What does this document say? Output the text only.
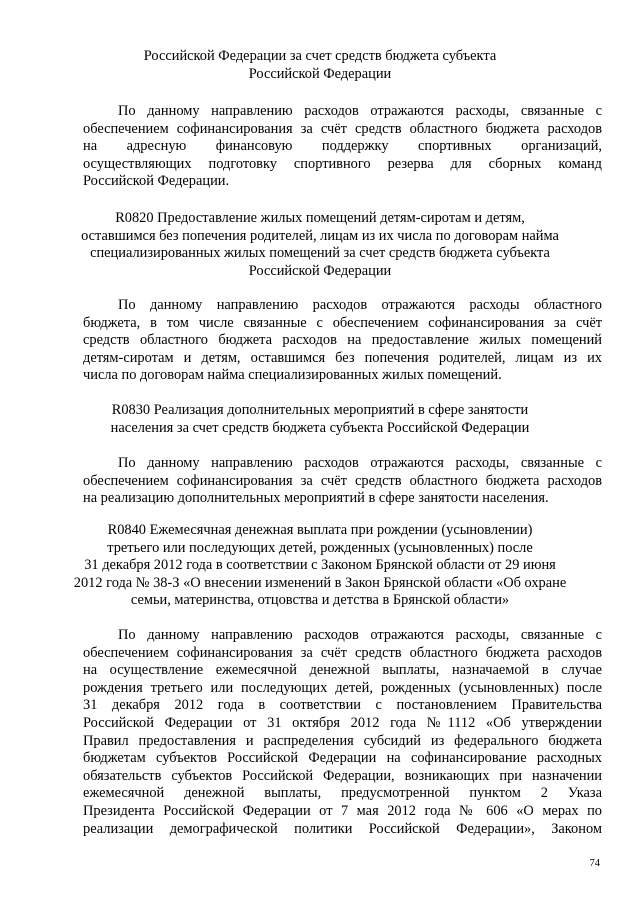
Российской Федерации за счет средств бюджета субъекта
Российской Федерации
По данному направлению расходов отражаются расходы, связанные с
обеспечением софинансирования за счёт средств областного бюджета расходов
на адресную финансовую поддержку спортивных организаций,
осуществляющих подготовку спортивного резерва для сборных команд
Российской Федерации.
R0820 Предоставление жилых помещений детям-сиротам и детям,
оставшимся без попечения родителей, лицам из их числа по договорам найма
специализированных жилых помещений за счет средств бюджета субъекта
Российской Федерации
По данному направлению расходов отражаются расходы областного
бюджета, в том числе связанные с обеспечением софинансирования за счёт
средств областного бюджета расходов на предоставление жилых помещений
детям-сиротам и детям, оставшимся без попечения родителей, лицам из их
числа по договорам найма специализированных жилых помещений.
R0830 Реализация дополнительных мероприятий в сфере занятости
населения за счет средств бюджета субъекта Российской Федерации
По данному направлению расходов отражаются расходы, связанные с
обеспечением софинансирования за счёт средств областного бюджета расходов
на реализацию дополнительных мероприятий в сфере занятости населения.
R0840 Ежемесячная денежная выплата при рождении (усыновлении)
третьего или последующих детей, рожденных (усыновленных) после
31 декабря 2012 года в соответствии с Законом Брянской области от 29 июня
2012 года № 38-З «О внесении изменений в Закон Брянской области «Об охране
семьи, материнства, отцовства и детства в Брянской области»
По данному направлению расходов отражаются расходы, связанные с
обеспечением софинансирования за счёт средств областного бюджета расходов
на осуществление ежемесячной денежной выплаты, назначаемой в случае
рождения третьего или последующих детей, рожденных (усыновленных) после
31 декабря 2012 года в соответствии с постановлением Правительства
Российской Федерации от 31 октября 2012 года №1112 «Об утверждении
Правил предоставления и распределения субсидий из федерального бюджета
бюджетам субъектов Российской Федерации на софинансирование расходных
обязательств субъектов Российской Федерации, возникающих при назначении
ежемесячной денежной выплаты, предусмотренной пунктом 2 Указа
Президента Российской Федерации от 7 мая 2012 года № 606 «О мерах по
реализации демографической политики Российской Федерации», Законом
74
